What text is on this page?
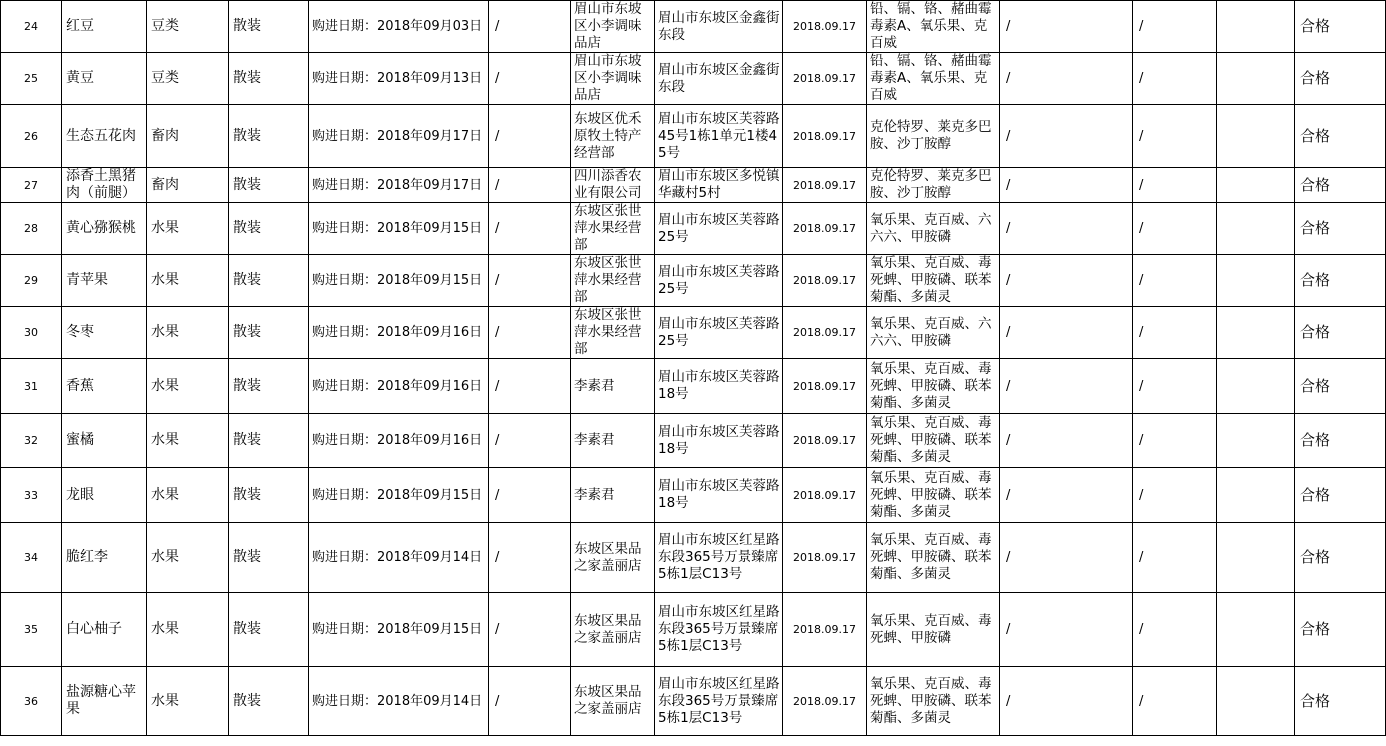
24	红豆	豆类	散装	购进日期：2018年09月03日	/	眉山市东坡区小李调味品店	眉山市东坡区金鑫街东段	2018.09.17	铅、镉、铬、赭曲霉毒素A、氧乐果、克百威	/	/		合格
25	黄豆	豆类	散装	购进日期：2018年09月13日	/	眉山市东坡区小李调味品店	眉山市东坡区金鑫街东段	2018.09.17	铅、镉、铬、赭曲霉毒素A、氧乐果、克百威	/	/		合格
26	生态五花肉	畜肉	散装	购进日期：2018年09月17日	/	东坡区优禾原牧土特产经营部	眉山市东坡区芙蓉路45号1栋1单元1楼45号	2018.09.17	克伦特罗、莱克多巴胺、沙丁胺醇	/	/		合格
27	添香土黑猪肉（前腿）	畜肉	散装	购进日期：2018年09月17日	/	四川添香农业有限公司	眉山市东坡区多悦镇华藏村5村	2018.09.17	克伦特罗、莱克多巴胺、沙丁胺醇	/	/		合格
28	黄心猕猴桃	水果	散装	购进日期：2018年09月15日	/	东坡区张世萍水果经营部	眉山市东坡区芙蓉路25号	2018.09.17	氧乐果、克百威、六六六、甲胺磷	/	/		合格
29	青苹果	水果	散装	购进日期：2018年09月15日	/	东坡区张世萍水果经营部	眉山市东坡区芙蓉路25号	2018.09.17	氧乐果、克百威、毒死蜱、甲胺磷、联苯菊酯、多菌灵	/	/		合格
30	冬枣	水果	散装	购进日期：2018年09月16日	/	东坡区张世萍水果经营部	眉山市东坡区芙蓉路25号	2018.09.17	氧乐果、克百威、六六六、甲胺磷	/	/		合格
31	香蕉	水果	散装	购进日期：2018年09月16日	/	李素君	眉山市东坡区芙蓉路18号	2018.09.17	氧乐果、克百威、毒死蜱、甲胺磷、联苯菊酯、多菌灵	/	/		合格
32	蜜橘	水果	散装	购进日期：2018年09月16日	/	李素君	眉山市东坡区芙蓉路18号	2018.09.17	氧乐果、克百威、毒死蜱、甲胺磷、联苯菊酯、多菌灵	/	/		合格
33	龙眼	水果	散装	购进日期：2018年09月15日	/	李素君	眉山市东坡区芙蓉路18号	2018.09.17	氧乐果、克百威、毒死蜱、甲胺磷、联苯菊酯、多菌灵	/	/		合格
34	脆红李	水果	散装	购进日期：2018年09月14日	/	东坡区果品之家盖丽店	眉山市东坡区红星路东段365号万景臻席5栋1层C13号	2018.09.17	氧乐果、克百威、毒死蜱、甲胺磷、联苯菊酯、多菌灵	/	/		合格
35	白心柚子	水果	散装	购进日期：2018年09月15日	/	东坡区果品之家盖丽店	眉山市东坡区红星路东段365号万景臻席5栋1层C13号	2018.09.17	氧乐果、克百威、毒死蜱、甲胺磷	/	/		合格
36	盐源糖心苹果	水果	散装	购进日期：2018年09月14日	/	东坡区果品之家盖丽店	眉山市东坡区红星路东段365号万景臻席5栋1层C13号	2018.09.17	氧乐果、克百威、毒死蜱、甲胺磷、联苯菊酯、多菌灵	/	/		合格
